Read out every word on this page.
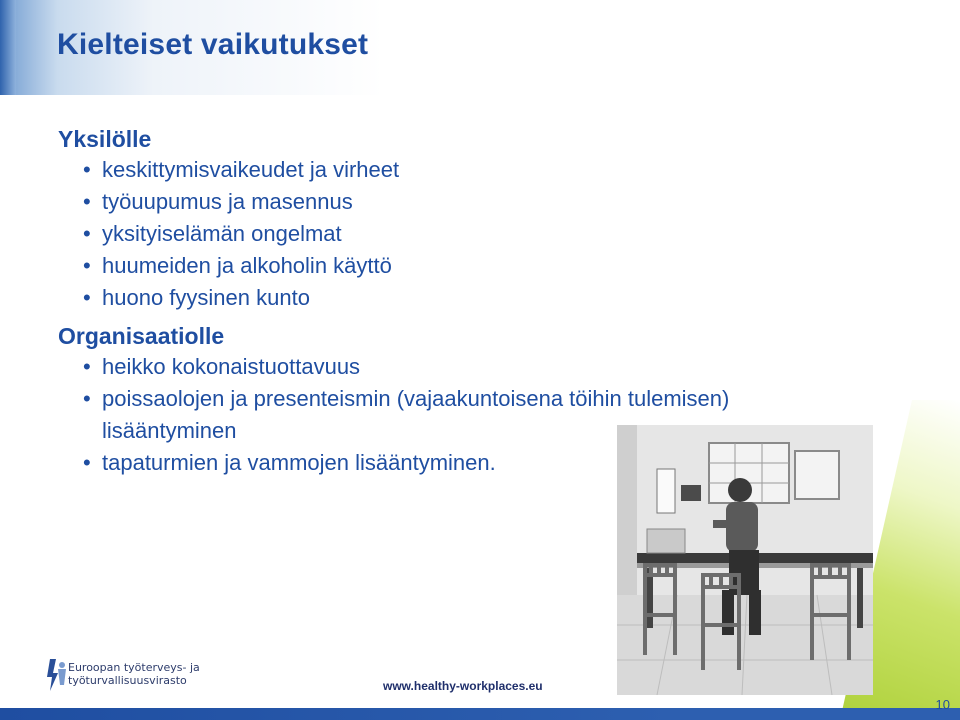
Kielteiset vaikutukset

Yksilölle

• keskittymisvaikeudet ja virheet
• työuupumus ja masennus
• yksityiselämän ongelmat
• huumeiden ja alkoholin käyttö
• huono fyysinen kunto

Organisaatiolle

• heikko kokonaistuottavuus
• poissaolojen ja presenteismin (vajaakuntoisena töihin tulemisen) lisääntyminen
• tapaturmien ja vammojen lisääntyminen.
www.healthy-workplaces.eu
10
Euroopan työterveys- ja
työturvallisuusvirasto
